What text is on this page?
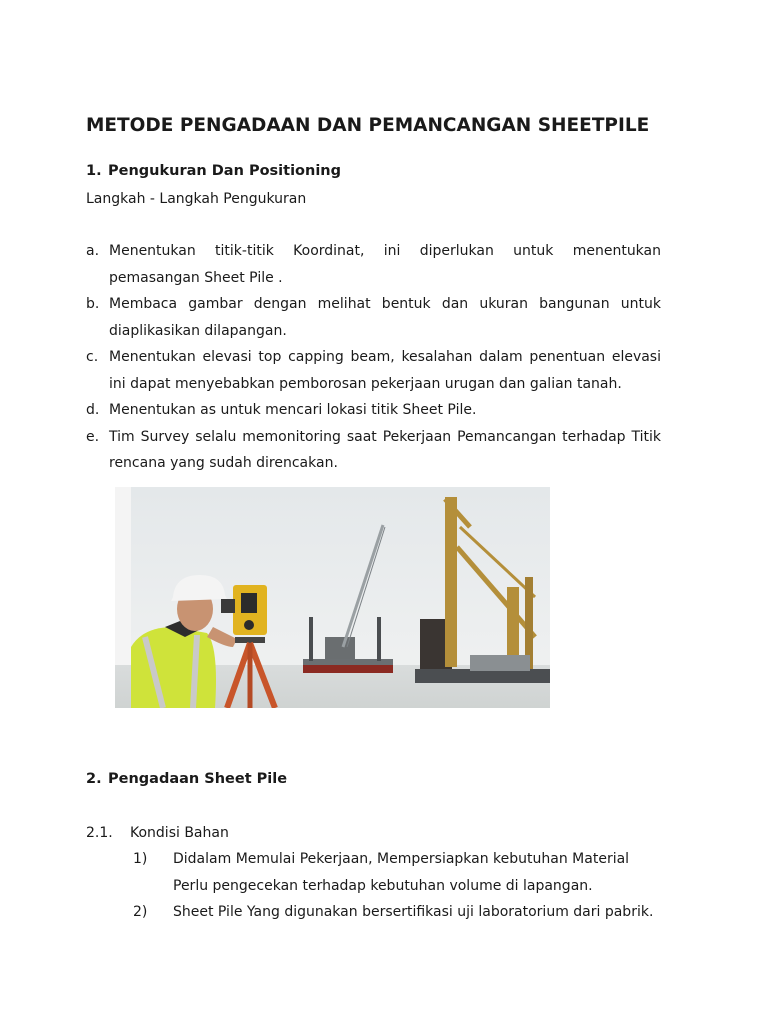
METODE PENGADAAN DAN PEMANCANGAN SHEETPILE
1. Pengukuran Dan Positioning

Langkah - Langkah Pengukuran

a. Menentukan titik-titik Koordinat, ini diperlukan untuk menentukan pemasangan Sheet Pile .
b. Membaca gambar dengan melihat bentuk dan ukuran bangunan untuk diaplikasikan dilapangan.
c. Menentukan elevasi top capping beam, kesalahan dalam penentuan elevasi ini dapat menyebabkan pemborosan pekerjaan urugan dan galian tanah.
d. Menentukan as untuk mencari lokasi titik Sheet Pile.
e. Tim Survey selalu memonitoring saat Pekerjaan Pemancangan terhadap Titik rencana yang sudah direncakan.
2. Pengadaan Sheet Pile
2.1. Kondisi Bahan
1) Didalam Memulai Pekerjaan, Mempersiapkan kebutuhan Material Perlu pengecekan terhadap kebutuhan volume di lapangan.
2) Sheet Pile Yang digunakan bersertifikasi uji laboratorium dari pabrik.
